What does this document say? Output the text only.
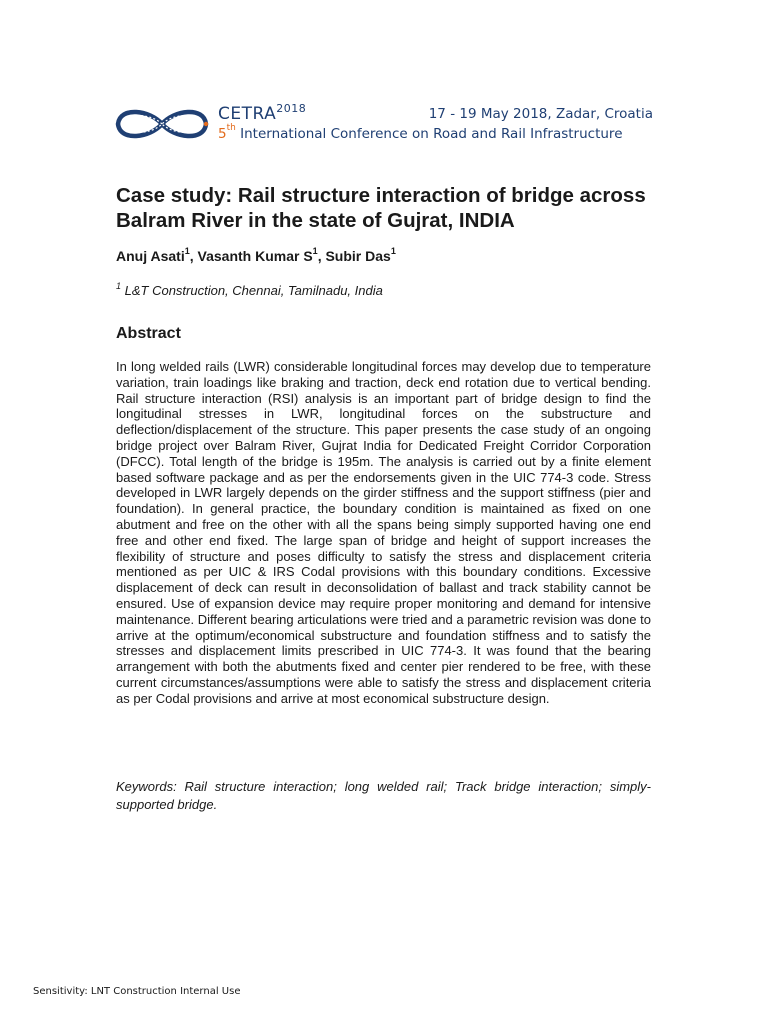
$CETRA^{2018}$	17 - 19 May 2018, Zadar, Croatia
5th International Conference on Road and Rail Infrastructure
Case study: Rail structure interaction of bridge across Balram River in the state of Gujrat, INDIA
Anuj Asati$^1$, Vasanth Kumar $S^1$, Subir Das$^1$
$^1$ L&T Construction, Chennai, Tamilnadu, India
Abstract

In long welded rails (LWR) considerable longitudinal forces may develop due to temperature variation, train loadings like braking and traction, deck end rotation due to vertical bending. Rail structure interaction (RSI) analysis is an important part of bridge design to find the longitudinal stresses in LWR, longitudinal forces on the substructure and deflection/displacement of the structure. This paper presents the case study of an ongoing bridge project over Balram River, Gujrat India for Dedicated Freight Corridor Corporation (DFCC). Total length of the bridge is 195m. The analysis is carried out by a finite element based software package and as per the endorsements given in the UIC 774-3 code. Stress developed in LWR largely depends on the girder stiffness and the support stiffness (pier and foundation). In general practice, the boundary condition is maintained as fixed on one abutment and free on the other with all the spans being simply supported having one end free and other end fixed. The large span of bridge and height of support increases the flexibility of structure and poses difficulty to satisfy the stress and displacement criteria mentioned as per UIC & IRS Codal provisions with this boundary conditions. Excessive displacement of deck can result in deconsolidation of ballast and track stability cannot be ensured. Use of expansion device may require proper monitoring and demand for intensive maintenance. Different bearing articulations were tried and a parametric revision was done to arrive at the optimum/economical substructure and foundation stiffness and to satisfy the stresses and displacement limits prescribed in UIC 774-3. It was found that the bearing arrangement with both the abutments fixed and center pier rendered to be free, with these current circumstances/assumptions were able to satisfy the stress and displacement criteria as per Codal provisions and arrive at most economical substructure design.

Keywords: Rail structure interaction; long welded rail; Track bridge interaction; simply-supported bridge.

Sensitivity: LNT Construction Internal Use
